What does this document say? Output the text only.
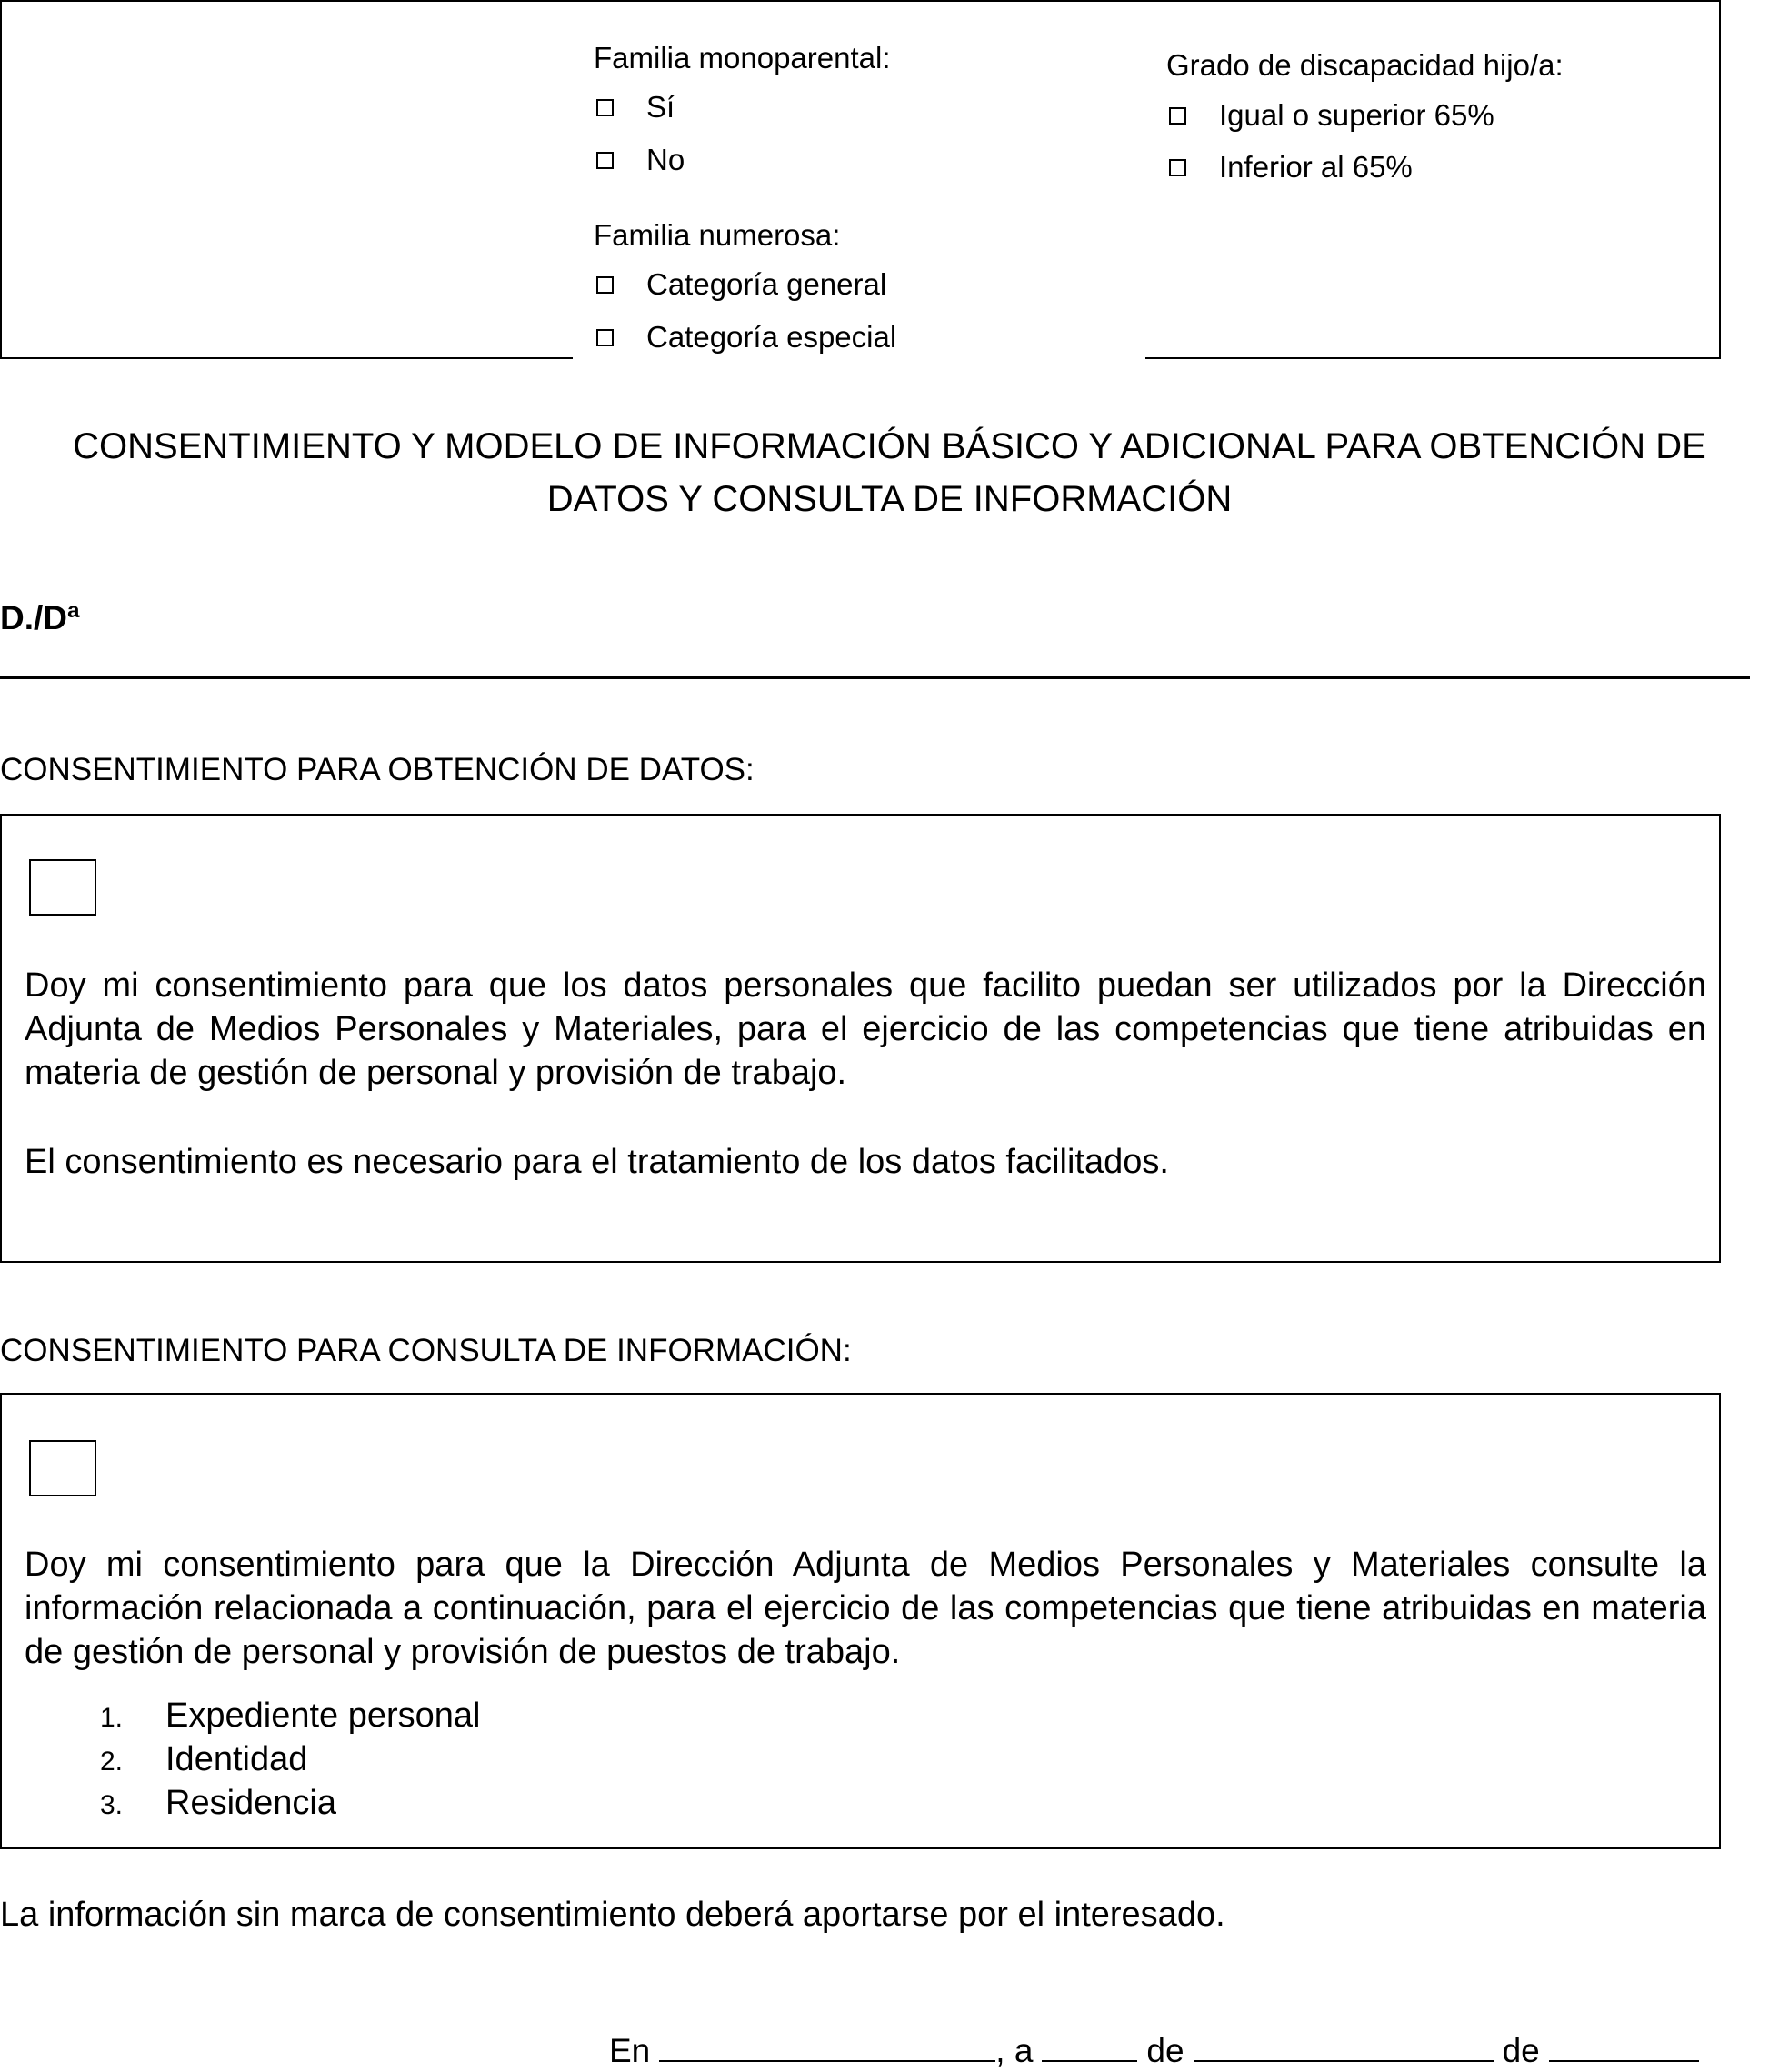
Familia monoparental:
Sí
No
Familia numerosa:
Categoría general
Categoría especial
Grado de discapacidad hijo/a:
Igual o superior 65%
Inferior al 65%
CONSENTIMIENTO Y MODELO DE INFORMACIÓN BÁSICO Y ADICIONAL PARA OBTENCIÓN DE
DATOS Y CONSULTA DE INFORMACIÓN
D./Dª
CONSENTIMIENTO PARA OBTENCIÓN DE DATOS:
Doy mi consentimiento para que los datos personales que facilito puedan ser utilizados por la Dirección Adjunta de Medios Personales y Materiales, para el ejercicio de las competencias que tiene atribuidas en materia de gestión de personal y provisión de trabajo.
El consentimiento es necesario para el tratamiento de los datos facilitados.
CONSENTIMIENTO PARA CONSULTA DE INFORMACIÓN:
Doy mi consentimiento para que la Dirección Adjunta de Medios Personales y Materiales consulte la información relacionada a continuación, para el ejercicio de las competencias que tiene atribuidas en materia de gestión de personal y provisión de puestos de trabajo.
1.	Expediente personal
2.	Identidad
3.	Residencia
La información sin marca de consentimiento deberá aportarse por el interesado.
En	, a	de	de
